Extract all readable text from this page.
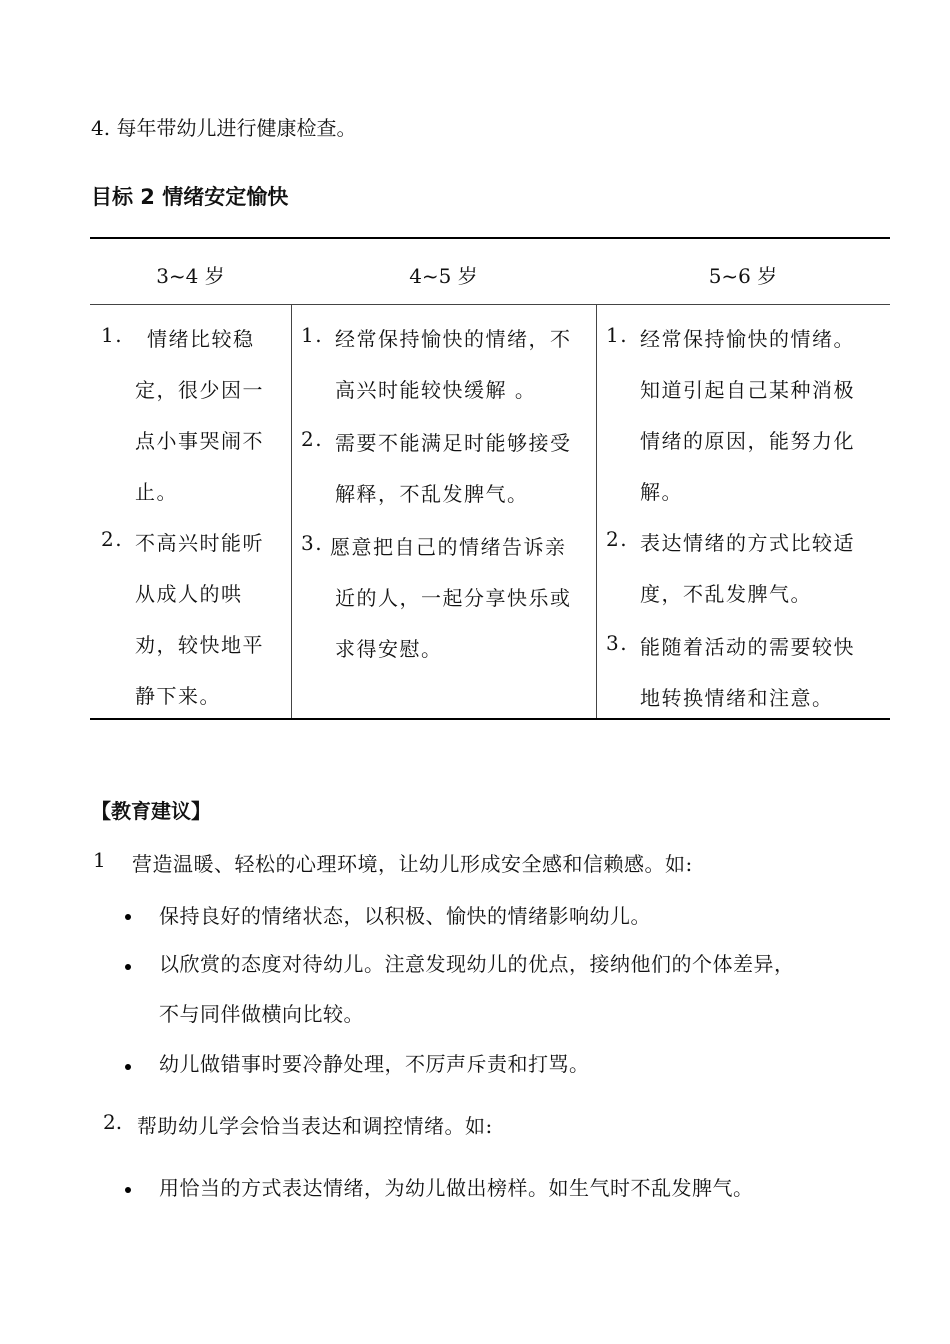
4. 每年带幼儿进行健康检查。
目标 2 情绪安定愉快
3~4 岁	4~5 岁	5~6 岁
1. 情绪比较稳
定，很少因一
点小事哭闹不
止。
2. 不高兴时能听
从成人的哄
劝，较快地平
静下来。
1. 经常保持愉快的情绪，不
高兴时能较快缓解 。
2. 需要不能满足时能够接受
解释，不乱发脾气。
3. 愿意把自己的情绪告诉亲
近的人，一起分享快乐或
求得安慰。
1. 经常保持愉快的情绪。
知道引起自己某种消极
情绪的原因，能努力化
解。
2. 表达情绪的方式比较适
度，不乱发脾气。
3. 能随着活动的需要较快
地转换情绪和注意。
【教育建议】
1 营造温暖、轻松的心理环境，让幼儿形成安全感和信赖感。如:
保持良好的情绪状态，以积极、愉快的情绪影响幼儿。
以欣赏的态度对待幼儿。注意发现幼儿的优点，接纳他们的个体差异，
不与同伴做横向比较。
幼儿做错事时要冷静处理，不厉声斥责和打骂。
2. 帮助幼儿学会恰当表达和调控情绪。如:
用恰当的方式表达情绪，为幼儿做出榜样。如生气时不乱发脾气。
